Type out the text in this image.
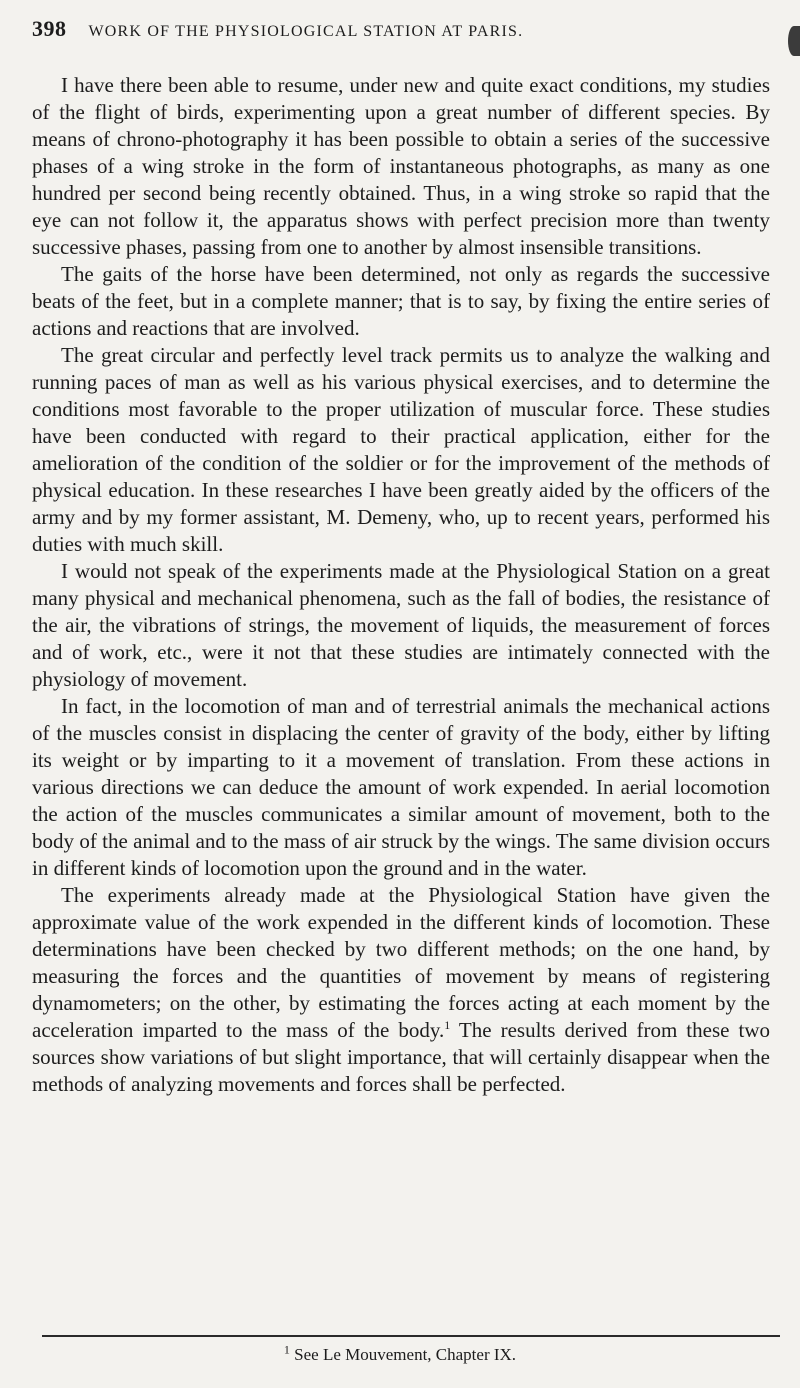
398 WORK OF THE PHYSIOLOGICAL STATION AT PARIS.

I have there been able to resume, under new and quite exact conditions, my studies of the flight of birds, experimenting upon a great number of different species. By means of chrono-photography it has been possible to obtain a series of the successive phases of a wing stroke in the form of instantaneous photographs, as many as one hundred per second being recently obtained. Thus, in a wing stroke so rapid that the eye can not follow it, the apparatus shows with perfect precision more than twenty successive phases, passing from one to another by almost insensible transitions.

The gaits of the horse have been determined, not only as regards the successive beats of the feet, but in a complete manner; that is to say, by fixing the entire series of actions and reactions that are involved.

The great circular and perfectly level track permits us to analyze the walking and running paces of man as well as his various physical exercises, and to determine the conditions most favorable to the proper utilization of muscular force. These studies have been conducted with regard to their practical application, either for the amelioration of the condition of the soldier or for the improvement of the methods of physical education. In these researches I have been greatly aided by the officers of the army and by my former assistant, M. Demeny, who, up to recent years, performed his duties with much skill.

I would not speak of the experiments made at the Physiological Station on a great many physical and mechanical phenomena, such as the fall of bodies, the resistance of the air, the vibrations of strings, the movement of liquids, the measurement of forces and of work, etc., were it not that these studies are intimately connected with the physiology of movement.

In fact, in the locomotion of man and of terrestrial animals the mechanical actions of the muscles consist in displacing the center of gravity of the body, either by lifting its weight or by imparting to it a movement of translation. From these actions in various directions we can deduce the amount of work expended. In aerial locomotion the action of the muscles communicates a similar amount of movement, both to the body of the animal and to the mass of air struck by the wings. The same division occurs in different kinds of locomotion upon the ground and in the water.

The experiments already made at the Physiological Station have given the approximate value of the work expended in the different kinds of locomotion. These determinations have been checked by two different methods; on the one hand, by measuring the forces and the quantities of movement by means of registering dynamometers; on the other, by estimating the forces acting at each moment by the acceleration imparted to the mass of the body.$^1$ The results derived from these two sources show variations of but slight importance, that will certainly disappear when the methods of analyzing movements and forces shall be perfected.

$^1$ See Le Mouvement, Chapter IX.
